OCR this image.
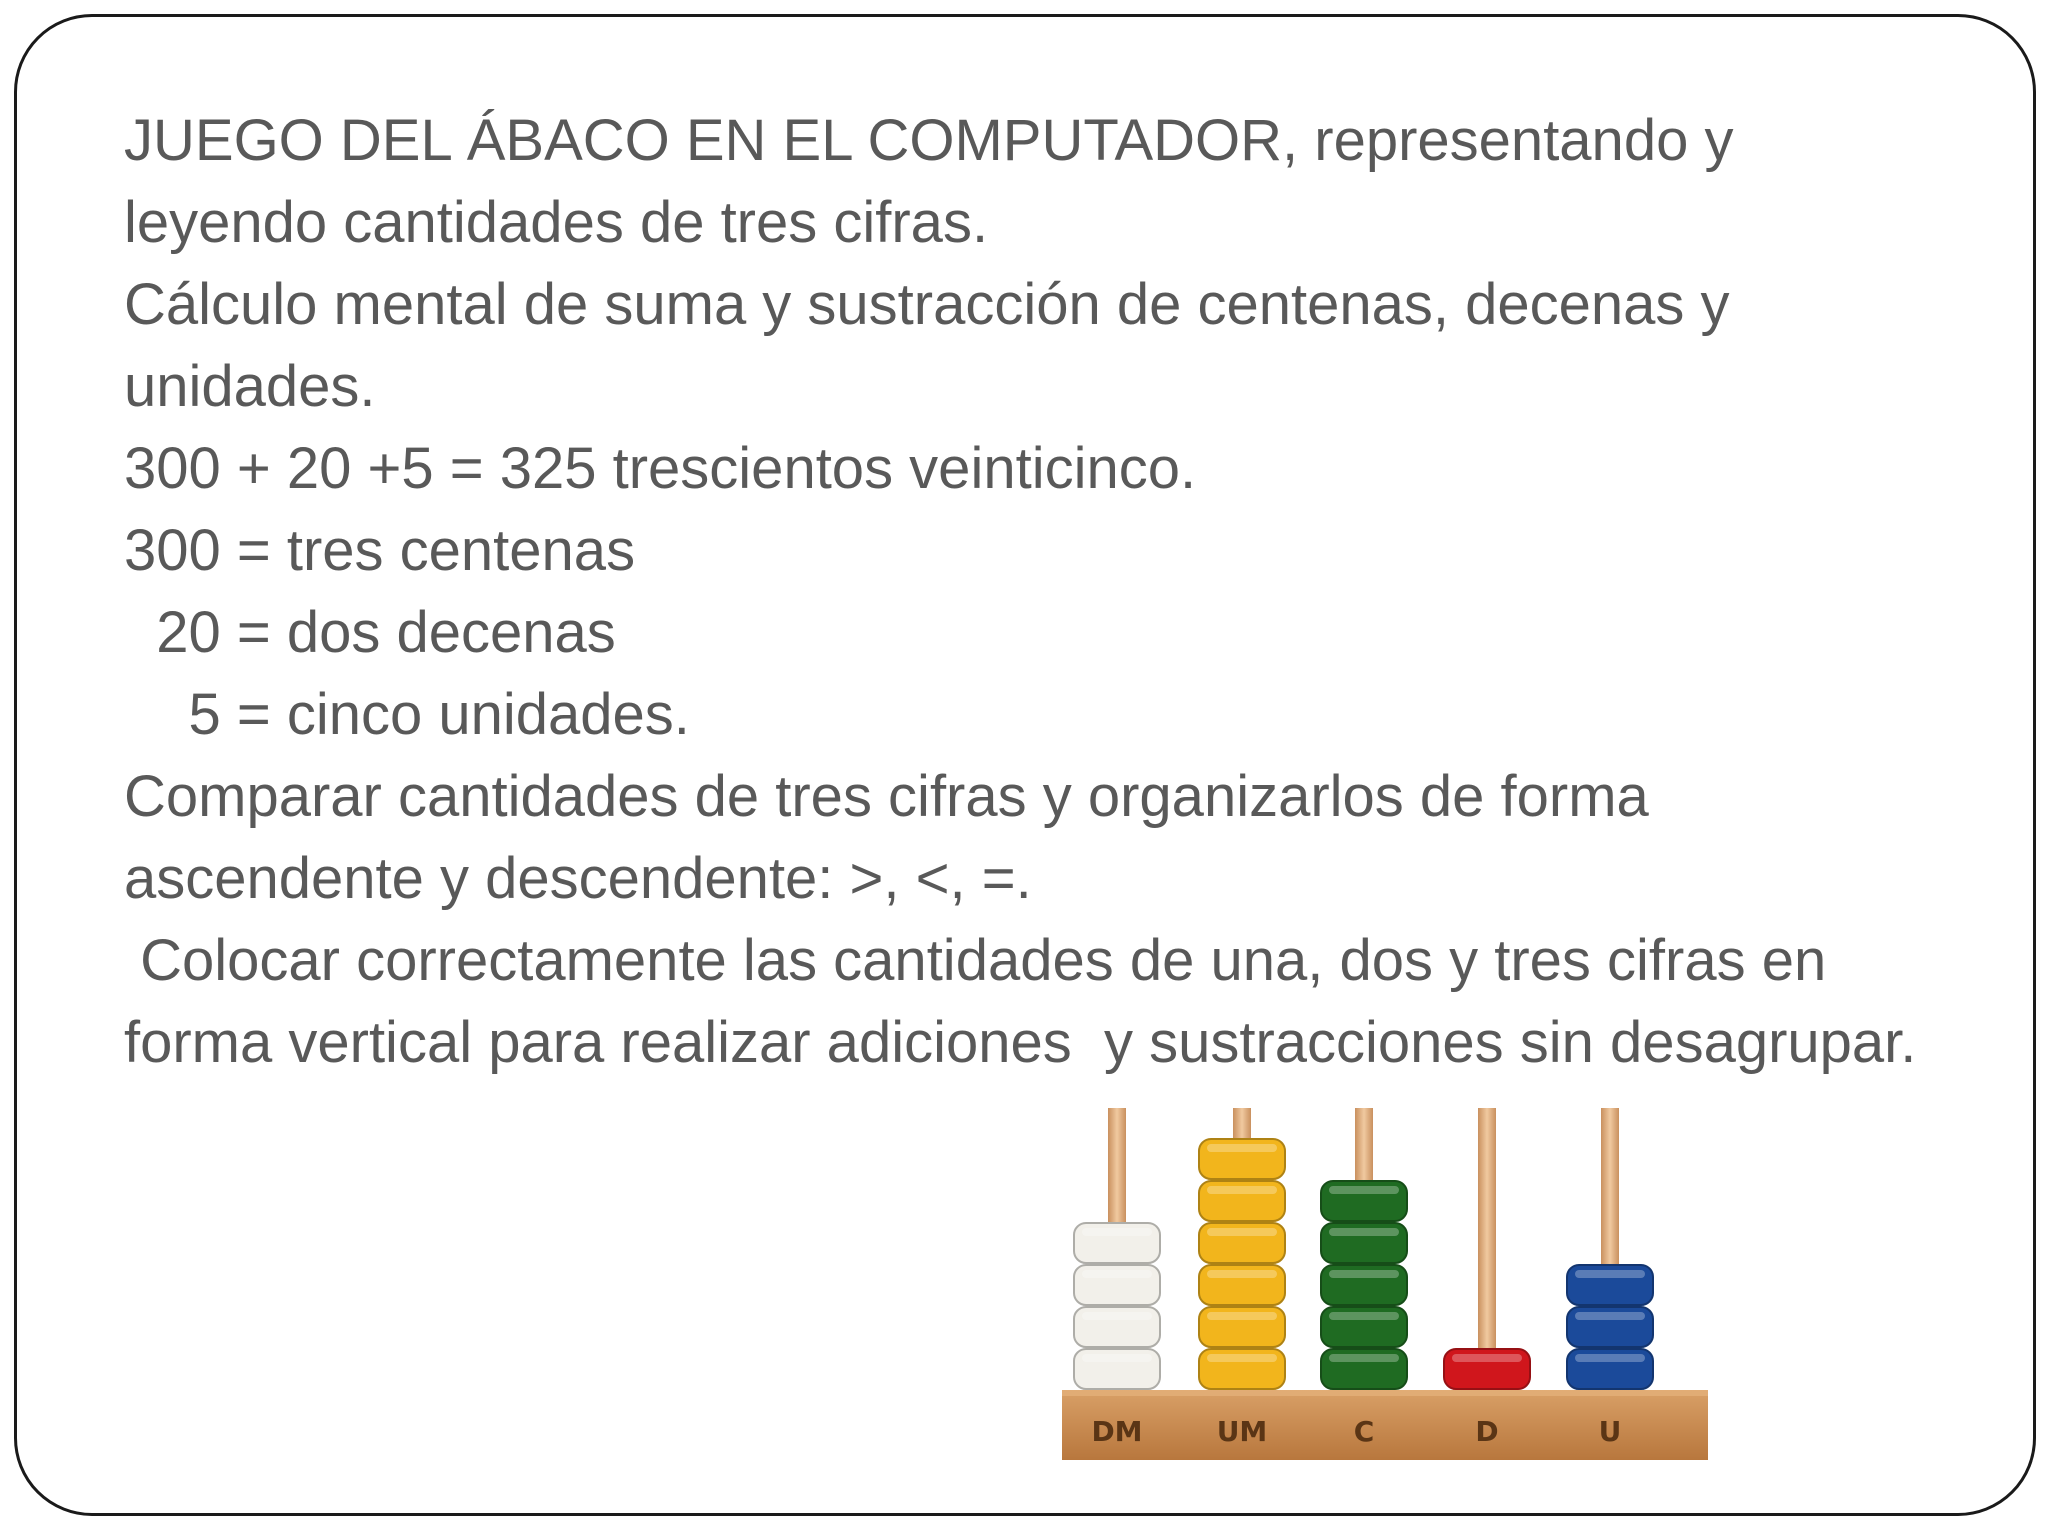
JUEGO DEL ÁBACO EN EL COMPUTADOR, representando y leyendo cantidades de tres cifras.
Cálculo mental de suma y sustracción de centenas, decenas y unidades.
300 + 20 +5 = 325 trescientos veinticinco.
300 = tres centenas
20 = dos decenas
5 = cinco unidades.
Comparar cantidades de tres cifras y organizarlos de forma ascendente y descendente: >, <, =.
Colocar correctamente las cantidades de una, dos y tres cifras en forma vertical para realizar adiciones  y sustracciones sin desagrupar.
DM	UM	C	D	U
